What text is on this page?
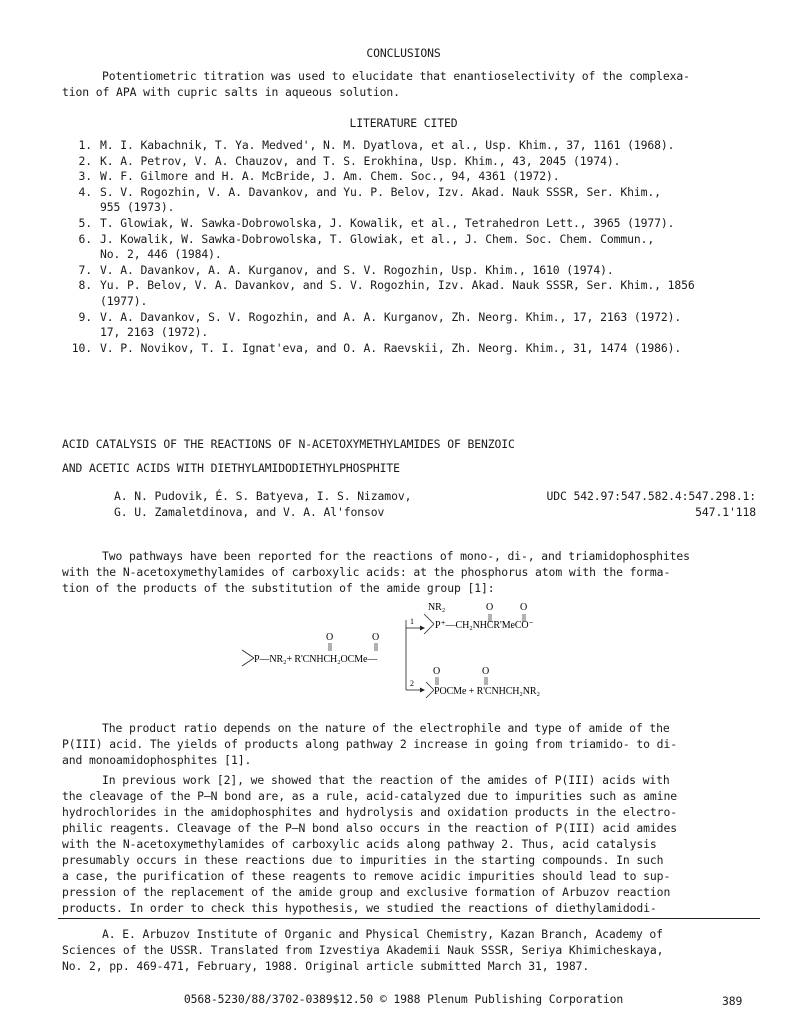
CONCLUSIONS
Potentiometric titration was used to elucidate that enantioselectivity of the complexa-
tion of APA with cupric salts in aqueous solution.
LITERATURE CITED
1. M. I. Kabachnik, T. Ya. Medved', N. M. Dyatlova, et al., Usp. Khim., 37, 1161 (1968).
2. K. A. Petrov, V. A. Chauzov, and T. S. Erokhina, Usp. Khim., 43, 2045 (1974).
3. W. F. Gilmore and H. A. McBride, J. Am. Chem. Soc., 94, 4361 (1972).
4. S. V. Rogozhin, V. A. Davankov, and Yu. P. Belov, Izv. Akad. Nauk SSSR, Ser. Khim.,
955 (1973).
5. T. Glowiak, W. Sawka-Dobrowolska, J. Kowalik, et al., Tetrahedron Lett., 3965 (1977).
6. J. Kowalik, W. Sawka-Dobrowolska, T. Glowiak, et al., J. Chem. Soc. Chem. Commun.,
No. 2, 446 (1984).
7. V. A. Davankov, A. A. Kurganov, and S. V. Rogozhin, Usp. Khim., 1610 (1974).
8. Yu. P. Belov, V. A. Davankov, and S. V. Rogozhin, Izv. Akad. Nauk SSSR, Ser. Khim., 1856
(1977).
9. V. A. Davankov, S. V. Rogozhin, and A. A. Kurganov, Zh. Neorg. Khim., 17, 2163 (1972).
17, 2163 (1972).
10. V. P. Novikov, T. I. Ignat'eva, and O. A. Raevskii, Zh. Neorg. Khim., 31, 1474 (1986).
ACID CATALYSIS OF THE REACTIONS OF N-ACETOXYMETHYLAMIDES OF BENZOIC
AND ACETIC ACIDS WITH DIETHYLAMIDODIETHYLPHOSPHITE
A. N. Pudovik, É. S. Batyeva, I. S. Nizamov,
G. U. Zamaletdinova, and V. A. Al'fonsov
UDC 542.97:547.582.4:547.298.1:
547.1'118
Two pathways have been reported for the reactions of mono-, di-, and triamidophosphites
with the N-acetoxymethylamides of carboxylic acids: at the phosphorus atom with the forma-
tion of the products of the substitution of the amide group [1]:
NR₂	O	O
P⁺—CH₂NHCR'MeCO⁻
1
2
O	O
P—NR₂+ R'CNHCH₂OCMe—
O	O
POCMe + R'CNHCH₂NR₂
The product ratio depends on the nature of the electrophile and type of amide of the
P(III) acid. The yields of products along pathway 2 increase in going from triamido- to di-
and monoamidophosphites [1].
In previous work [2], we showed that the reaction of the amides of P(III) acids with
the cleavage of the P–N bond are, as a rule, acid-catalyzed due to impurities such as amine
hydrochlorides in the amidophosphites and hydrolysis and oxidation products in the electro-
philic reagents. Cleavage of the P–N bond also occurs in the reaction of P(III) acid amides
with the N-acetoxymethylamides of carboxylic acids along pathway 2. Thus, acid catalysis
presumably occurs in these reactions due to impurities in the starting compounds. In such
a case, the purification of these reagents to remove acidic impurities should lead to sup-
pression of the replacement of the amide group and exclusive formation of Arbuzov reaction
products. In order to check this hypothesis, we studied the reactions of diethylamidodi-
A. E. Arbuzov Institute of Organic and Physical Chemistry, Kazan Branch, Academy of
Sciences of the USSR. Translated from Izvestiya Akademii Nauk SSSR, Seriya Khimicheskaya,
No. 2, pp. 469-471, February, 1988. Original article submitted March 31, 1987.
0568-5230/88/3702-0389$12.50 © 1988 Plenum Publishing Corporation	389
